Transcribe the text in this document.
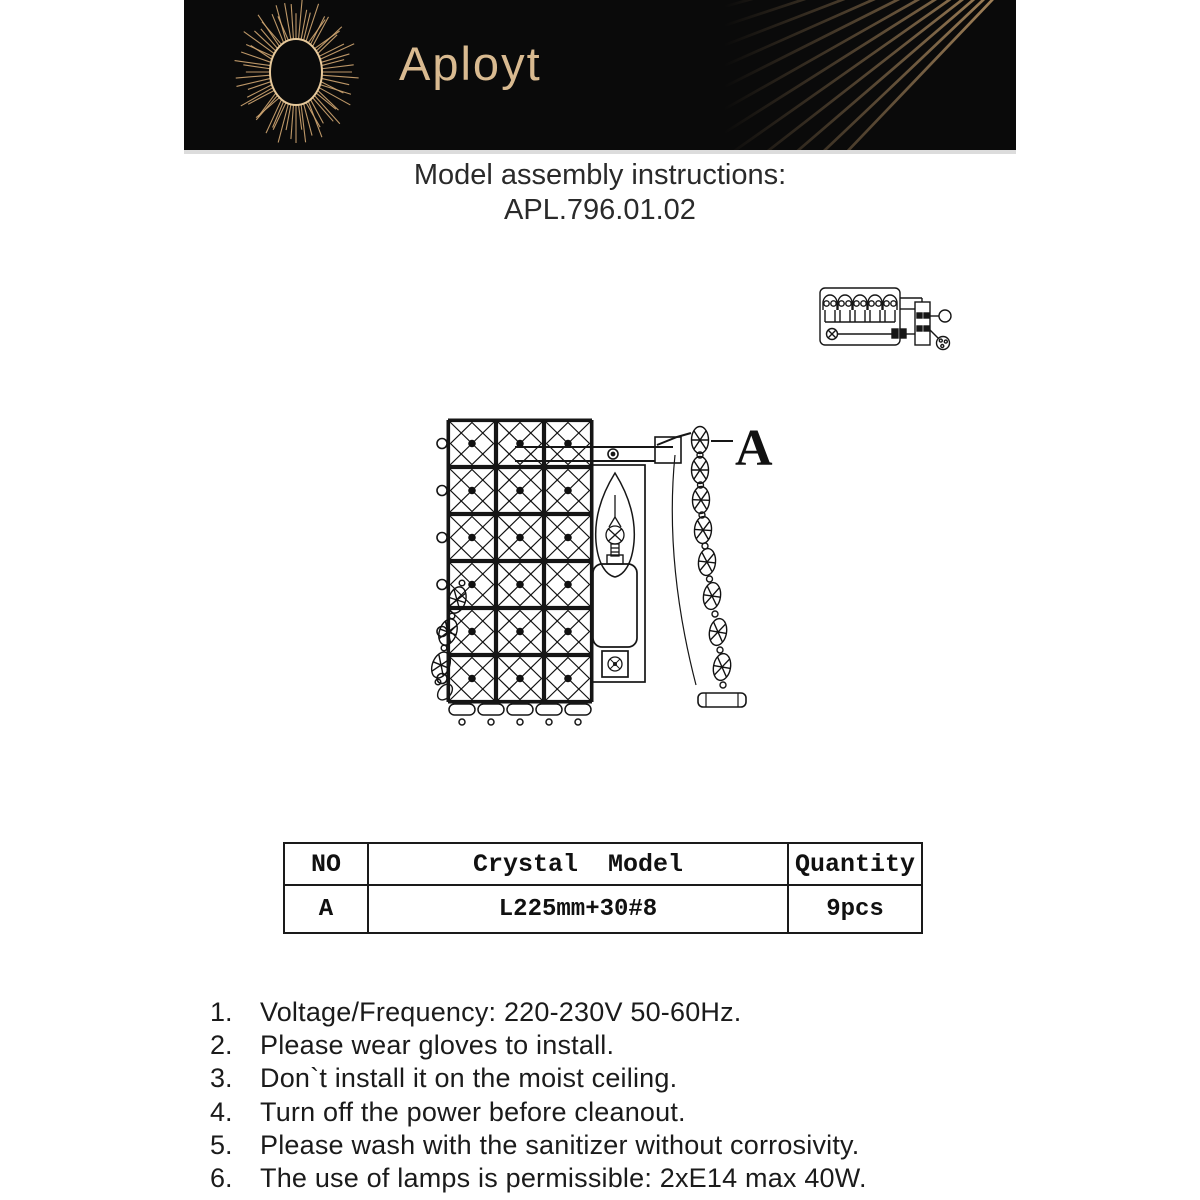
Aployt
Model assembly instructions:
APL.796.01.02
A
NO	Crystal  Model	Quantity
A	L225mm+30#8	9pcs
1.	Voltage/Frequency: 220-230V 50-60Hz.
2.	Please wear gloves to install.
3.	Don`t install it on the moist ceiling.
4.	Turn off the power before cleanout.
5.	Please wash with the sanitizer without corrosivity.
6.	The use of lamps is permissible: 2xE14 max 40W.
